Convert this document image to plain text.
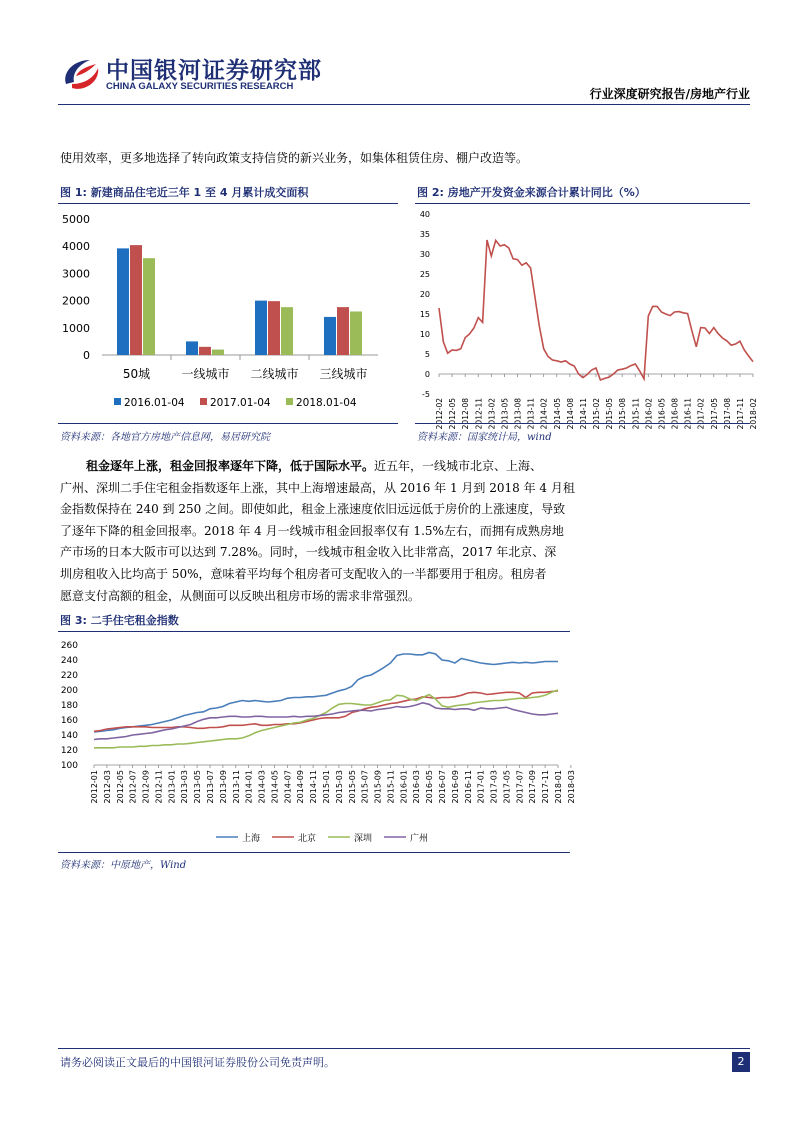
中国银河证券研究部
CHINA GALAXY SECURITIES RESEARCH
行业深度研究报告/房地产行业
使用效率，更多地选择了转向政策支持信贷的新兴业务，如集体租赁住房、棚户改造等。
图 1: 新建商品住宅近三年 1 至 4 月累计成交面积
5000
4000
3000
2000
1000
0
50城	一线城市 二线城市 三线城市
2016.01-04 2017.01-04 2018.01-04
资料来源：各地官方房地产信息网，易居研究院
图 2: 房地产开发资金来源合计累计同比（%）
40
35
30
25
20
15
10
5
0
-5
2012-02 2012-05 2012-08 2012-11 2013-02 2013-05 2013-08 2013-11 2014-02 2014-05 2014-08 2014-11 2015-02 2015-05 2015-08 2015-11 2016-02 2016-05 2016-08 2016-11 2017-02 2017-05 2017-08 2017-11 2018-02
资料来源：国家统计局，wind

租金逐年上涨，租金回报率逐年下降，低于国际水平。近五年，一线城市北京、上海、

广州、深圳二手住宅租金指数逐年上涨，其中上海增速最高，从 2016 年 1 月到 2018 年 4 月租

金指数保持在 240 到 250 之间。即使如此，租金上涨速度依旧远远低于房价的上涨速度，导致

了逐年下降的租金回报率。2018 年 4 月一线城市租金回报率仅有 1.5%左右，而拥有成熟房地

产市场的日本大阪市可以达到 7.28%。同时，一线城市租金收入比非常高，2017 年北京、深

圳房租收入比均高于 50%，意味着平均每个租房者可支配收入的一半都要用于租房。租房者

愿意支付高额的租金，从侧面可以反映出租房市场的需求非常强烈。

图 3: 二手住宅租金指数
260
240
220
200
180
160
140
120
100
2012-01 2012-03 2012-05 2012-07 2012-09 2012-11 2013-01 2013-03 2013-05 2013-07 2013-09 2013-11 2014-01 2014-03 2014-05 2014-07 2014-09 2014-11 2015-01 2015-03 2015-05 2015-07 2015-09 2015-11 2016-01 2016-03 2016-05 2016-07 2016-09 2016-11 2017-01 2017-03 2017-05 2017-07 2017-09 2017-11 2018-01 2018-03
上海	北京	深圳	广州
资料来源：中原地产，Wind
请务必阅读正文最后的中国银河证券股份公司免责声明。	2
